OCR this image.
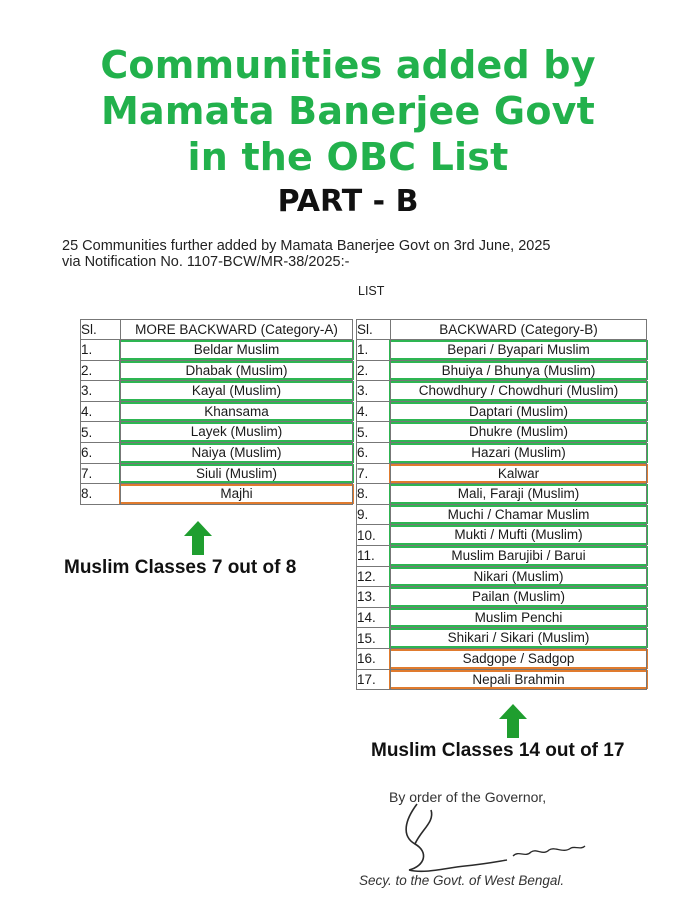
Communities added by
Mamata Banerjee Govt
in the OBC List
PART - B
25 Communities further added by Mamata Banerjee Govt on 3rd June, 2025
via Notification No. 1107-BCW/MR-38/2025:-
LIST
Sl.	MORE BACKWARD (Category-A)
1.	Beldar Muslim

2.	Dhabak (Muslim)

3.	Kayal (Muslim)

4.	Khansama

5.	Layek (Muslim)

6.	Naiya (Muslim)

7.	Siuli (Muslim)

8.	Majhi
Sl.	BACKWARD (Category-B)
1.	Bepari / Byapari Muslim

2.	Bhuiya / Bhunya (Muslim)

3.	Chowdhury / Chowdhuri (Muslim)

4.	Daptari (Muslim)

5.	Dhukre (Muslim)

6.	Hazari (Muslim)

7.	Kalwar

8.	Mali, Faraji (Muslim)

9.	Muchi / Chamar Muslim

10.	Mukti / Mufti (Muslim)

11.	Muslim Barujibi / Barui

12.	Nikari (Muslim)

13.	Pailan (Muslim)

14.	Muslim Penchi

15.	Shikari / Sikari (Muslim)

16.	Sadgope / Sadgop

17.	Nepali Brahmin
Muslim Classes 7 out of 8
Muslim Classes 14 out of 17
By order of the Governor,
Secy. to the Govt. of West Bengal.
